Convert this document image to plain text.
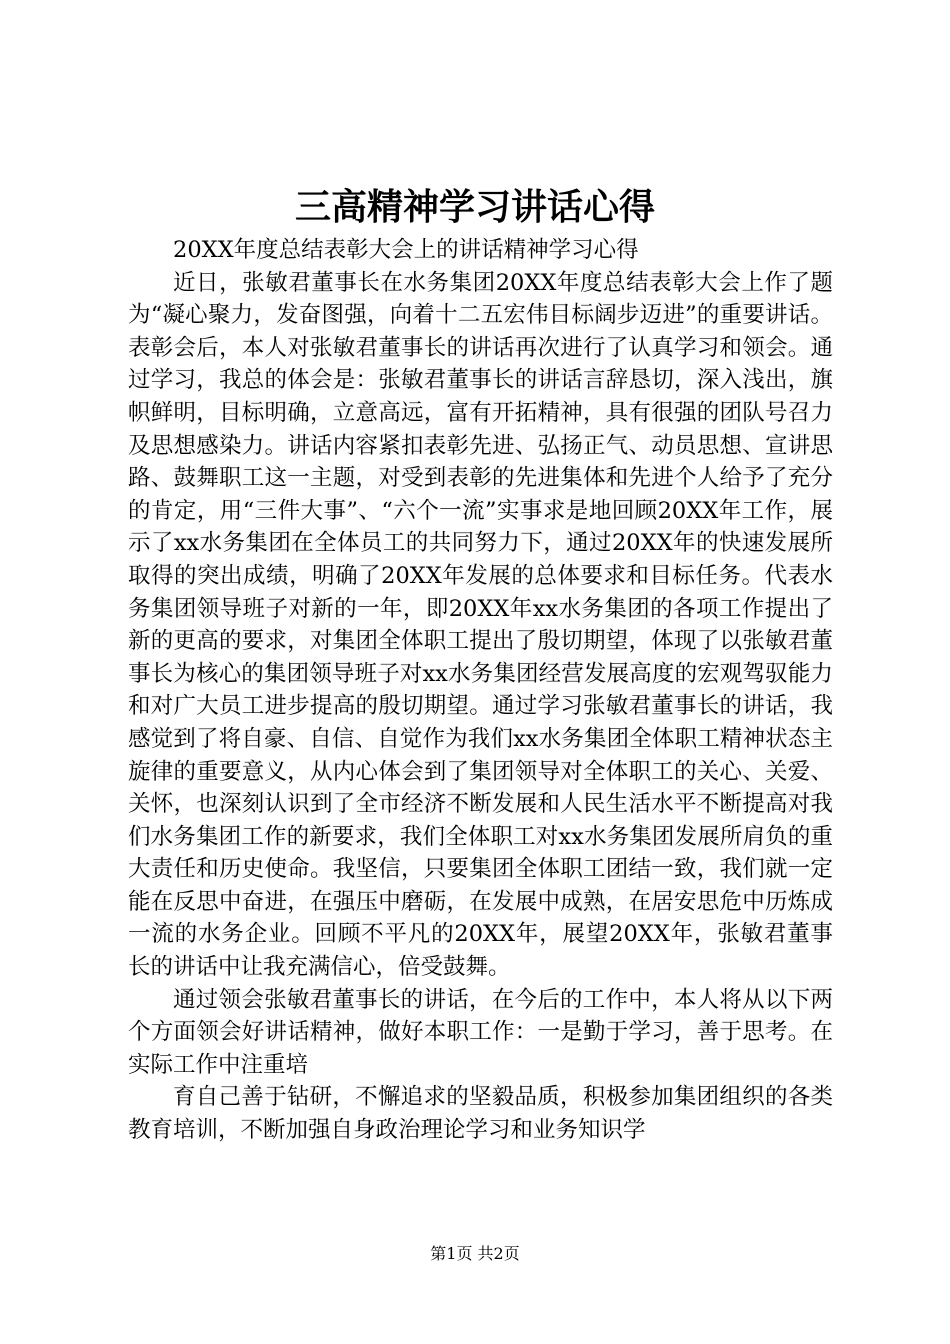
三高精神学习讲话心得

20XX年度总结表彰大会上的讲话精神学习心得

近日，张敏君董事长在水务集团20XX年度总结表彰大会上作了题为“凝心聚力，发奋图强，向着十二五宏伟目标阔步迈进”的重要讲话。表彰会后，本人对张敏君董事长的讲话再次进行了认真学习和领会。通过学习，我总的体会是：张敏君董事长的讲话言辞恳切，深入浅出，旗帜鲜明，目标明确，立意高远，富有开拓精神，具有很强的团队号召力及思想感染力。讲话内容紧扣表彰先进、弘扬正气、动员思想、宣讲思路、鼓舞职工这一主题，对受到表彰的先进集体和先进个人给予了充分的肯定，用“三件大事”、“六个一流”实事求是地回顾20XX年工作，展示了xx水务集团在全体员工的共同努力下，通过20XX年的快速发展所取得的突出成绩，明确了20XX年发展的总体要求和目标任务。代表水务集团领导班子对新的一年，即20XX年xx水务集团的各项工作提出了新的更高的要求，对集团全体职工提出了殷切期望，体现了以张敏君董事长为核心的集团领导班子对xx水务集团经营发展高度的宏观驾驭能力和对广大员工进步提高的殷切期望。通过学习张敏君董事长的讲话，我感觉到了将自豪、自信、自觉作为我们xx水务集团全体职工精神状态主旋律的重要意义，从内心体会到了集团领导对全体职工的关心、关爱、关怀，也深刻认识到了全市经济不断发展和人民生活水平不断提高对我们水务集团工作的新要求，我们全体职工对xx水务集团发展所肩负的重大责任和历史使命。我坚信，只要集团全体职工团结一致，我们就一定能在反思中奋进，在强压中磨砺，在发展中成熟，在居安思危中历炼成一流的水务企业。回顾不平凡的20XX年，展望20XX年，张敏君董事长的讲话中让我充满信心，倍受鼓舞。

通过领会张敏君董事长的讲话，在今后的工作中，本人将从以下两个方面领会好讲话精神，做好本职工作：一是勤于学习，善于思考。在实际工作中注重培

育自己善于钻研，不懈追求的坚毅品质，积极参加集团组织的各类教育培训，不断加强自身政治理论学习和业务知识学

第1页 共2页
